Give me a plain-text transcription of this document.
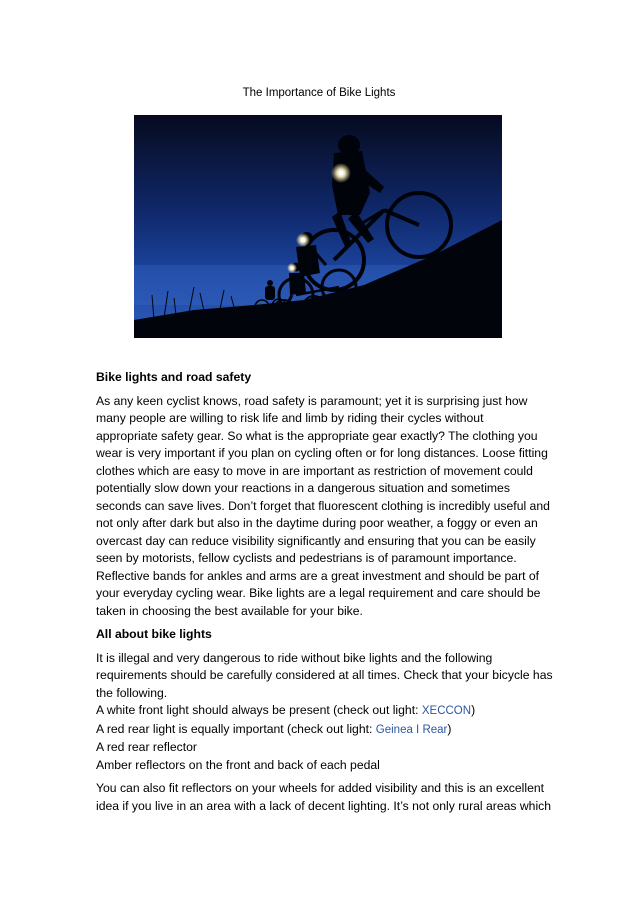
The Importance of Bike Lights
Bike lights and road safety
As any keen cyclist knows, road safety is paramount; yet it is surprising just how
many people are willing to risk life and limb by riding their cycles without
appropriate safety gear. So what is the appropriate gear exactly? The clothing you
wear is very important if you plan on cycling often or for long distances. Loose fitting
clothes which are easy to move in are important as restriction of movement could
potentially slow down your reactions in a dangerous situation and sometimes
seconds can save lives. Don’t forget that fluorescent clothing is incredibly useful and
not only after dark but also in the daytime during poor weather, a foggy or even an
overcast day can reduce visibility significantly and ensuring that you can be easily
seen by motorists, fellow cyclists and pedestrians is of paramount importance.
Reflective bands for ankles and arms are a great investment and should be part of
your everyday cycling wear. Bike lights are a legal requirement and care should be
taken in choosing the best available for your bike.
All about bike lights
It is illegal and very dangerous to ride without bike lights and the following
requirements should be carefully considered at all times. Check that your bicycle has
the following.
A white front light should always be present (check out light: XECCON)
A red rear light is equally important (check out light: Geinea I Rear)
A red rear reflector
Amber reflectors on the front and back of each pedal
You can also fit reflectors on your wheels for added visibility and this is an excellent
idea if you live in an area with a lack of decent lighting. It’s not only rural areas which
